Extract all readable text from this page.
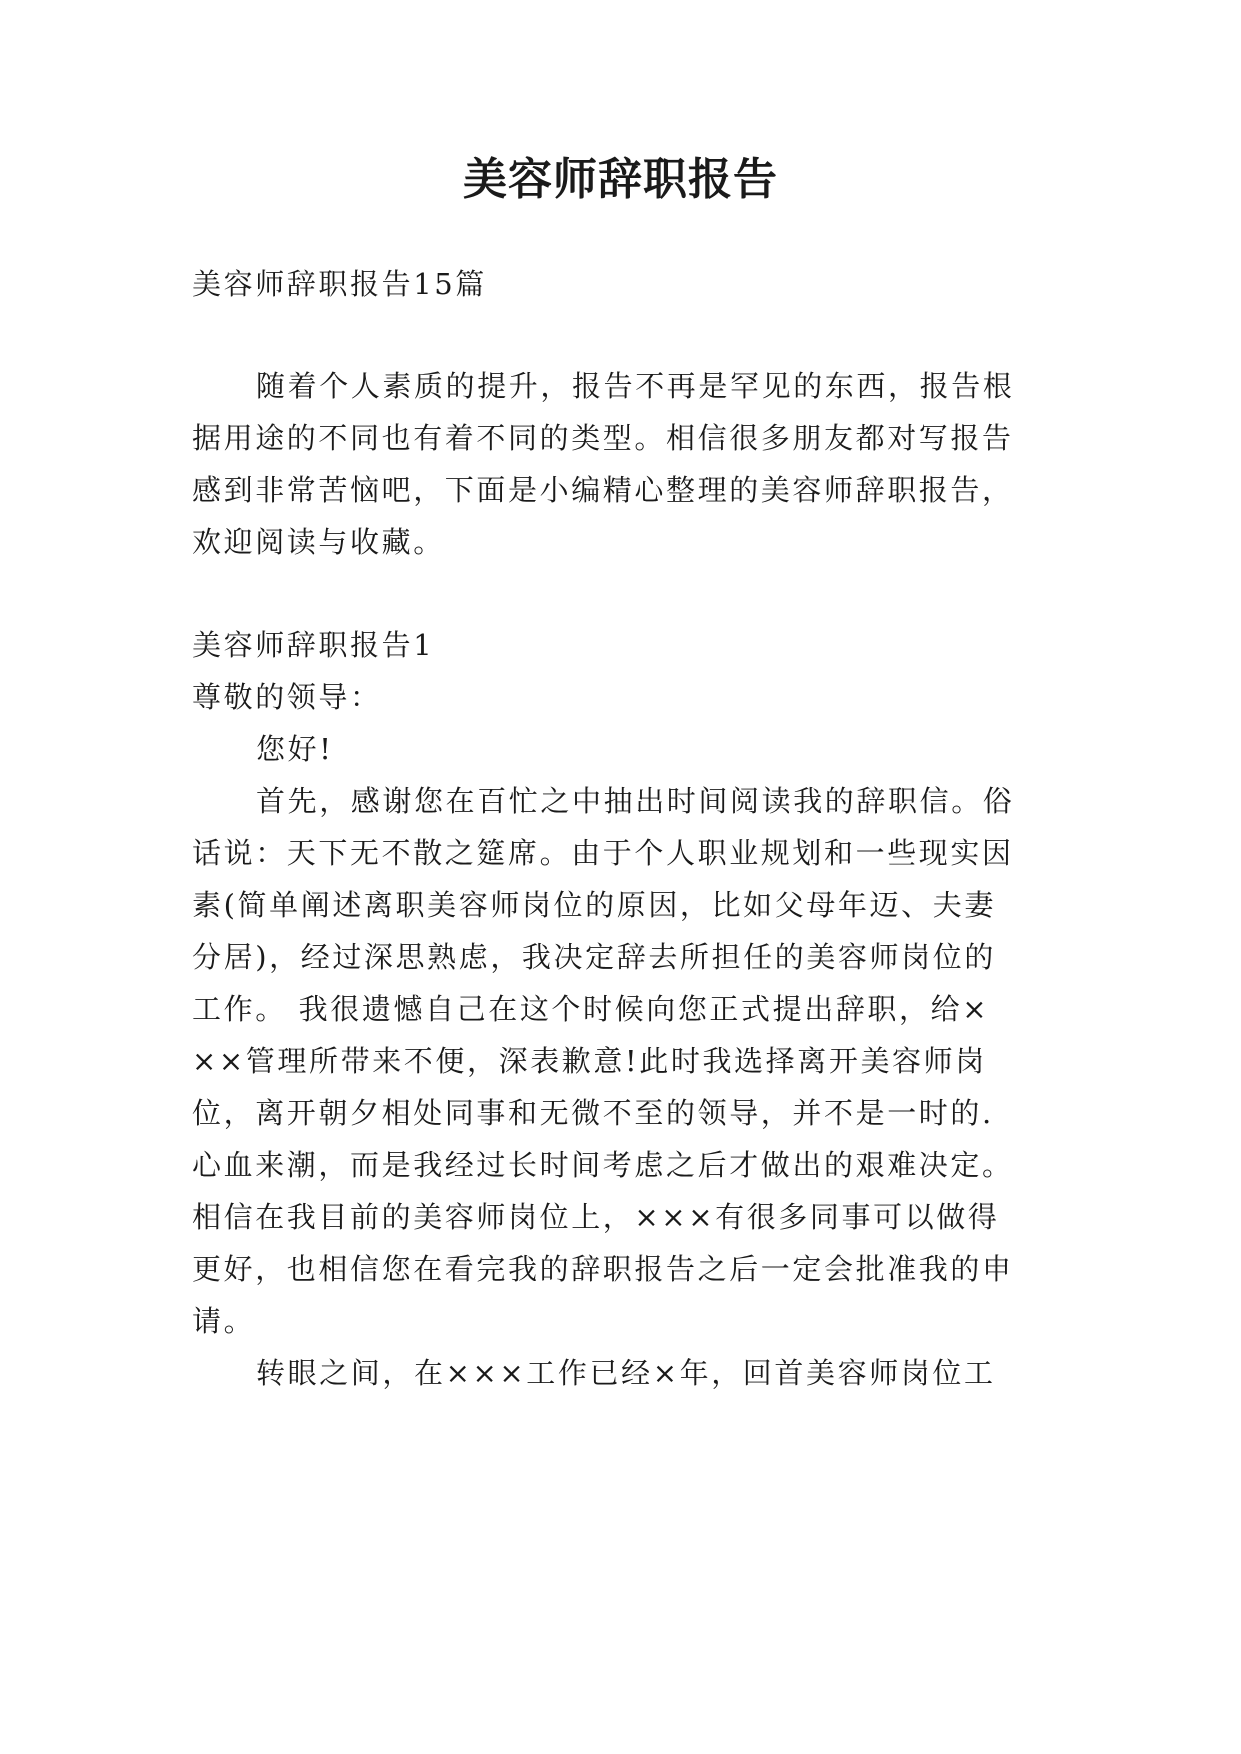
美容师辞职报告
美容师辞职报告15篇
随着个人素质的提升，报告不再是罕见的东西，报告根
据用途的不同也有着不同的类型。相信很多朋友都对写报告
感到非常苦恼吧，下面是小编精心整理的美容师辞职报告，
欢迎阅读与收藏。
美容师辞职报告1
尊敬的领导：
您好!
首先，感谢您在百忙之中抽出时间阅读我的辞职信。俗
话说：天下无不散之筵席。由于个人职业规划和一些现实因
素(简单阐述离职美容师岗位的原因，比如父母年迈、夫妻
分居)，经过深思熟虑，我决定辞去所担任的美容师岗位的
工作。 我很遗憾自己在这个时候向您正式提出辞职，给×
××管理所带来不便，深表歉意!此时我选择离开美容师岗
位，离开朝夕相处同事和无微不至的领导，并不是一时的.
心血来潮，而是我经过长时间考虑之后才做出的艰难决定。
相信在我目前的美容师岗位上，×××有很多同事可以做得
更好，也相信您在看完我的辞职报告之后一定会批准我的申
请。
转眼之间，在×××工作已经×年，回首美容师岗位工
